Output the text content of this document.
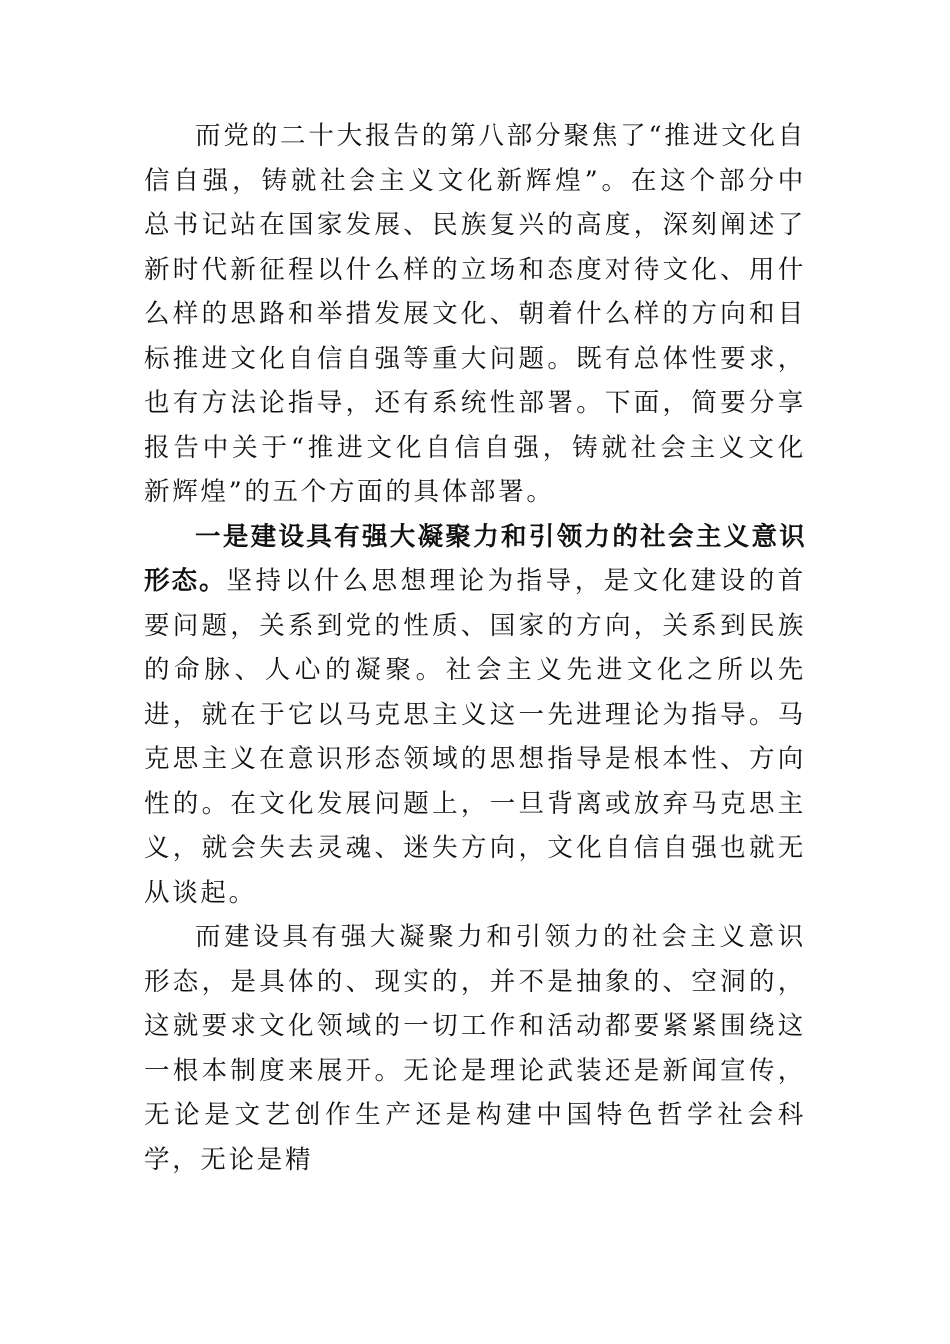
而党的二十大报告的第八部分聚焦了“推进文化自信自强，铸就社会主义文化新辉煌”。在这个部分中总书记站在国家发展、民族复兴的高度，深刻阐述了新时代新征程以什么样的立场和态度对待文化、用什么样的思路和举措发展文化、朝着什么样的方向和目标推进文化自信自强等重大问题。既有总体性要求，也有方法论指导，还有系统性部署。下面，简要分享报告中关于“推进文化自信自强，铸就社会主义文化新辉煌”的五个方面的具体部署。

一是建设具有强大凝聚力和引领力的社会主义意识形态。坚持以什么思想理论为指导，是文化建设的首要问题，关系到党的性质、国家的方向，关系到民族的命脉、人心的凝聚。社会主义先进文化之所以先进，就在于它以马克思主义这一先进理论为指导。马克思主义在意识形态领域的思想指导是根本性、方向性的。在文化发展问题上，一旦背离或放弃马克思主义，就会失去灵魂、迷失方向，文化自信自强也就无从谈起。

而建设具有强大凝聚力和引领力的社会主义意识形态，是具体的、现实的，并不是抽象的、空洞的，这就要求文化领域的一切工作和活动都要紧紧围绕这一根本制度来展开。无论是理论武装还是新闻宣传，无论是文艺创作生产还是构建中国特色哲学社会科学，无论是精
